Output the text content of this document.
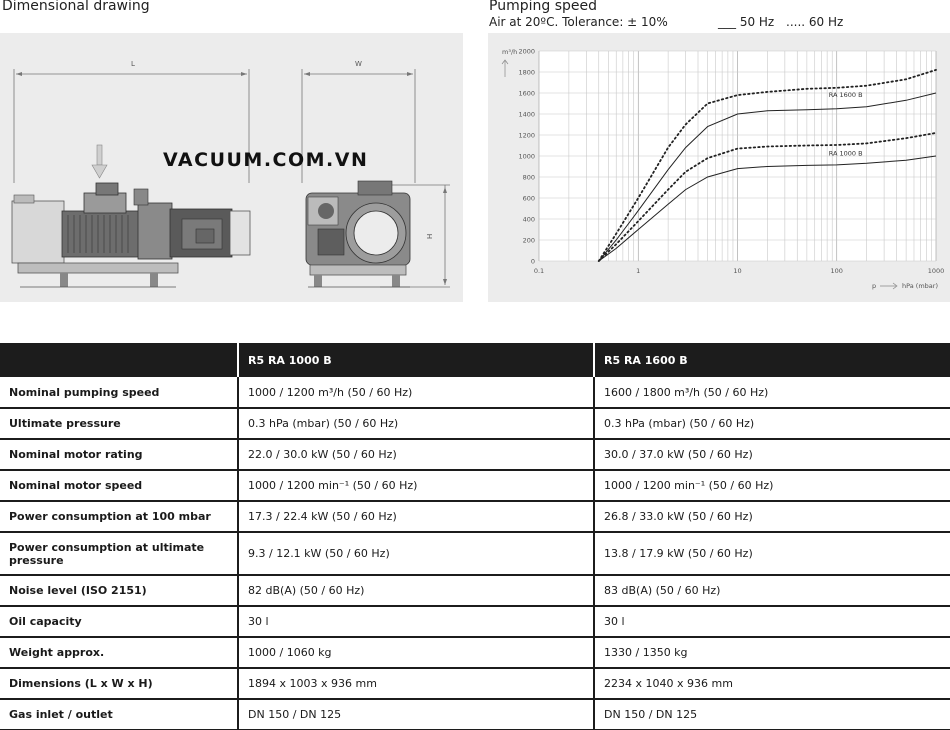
Dimensional drawing	Pumping speed
Air at 20ºC. Tolerance: ± 10%	___ 50 Hz ..... 60 Hz
L	W
H
VACUUM.COM.VN
0
200
400
600
800
1000
1200
1400
1600
1800
2000
0.1	1	10	100	1000
m³/h
p	hPa (mbar)
RA 1600 B
RA 1000 B
	R5 RA 1000 B	R5 RA 1600 B
Nominal pumping speed	1000 / 1200 m³/h (50 / 60 Hz)	1600 / 1800 m³/h (50 / 60 Hz)
Ultimate pressure	0.3 hPa (mbar) (50 / 60 Hz)	0.3 hPa (mbar) (50 / 60 Hz)
Nominal motor rating	22.0 / 30.0 kW (50 / 60 Hz)	30.0 / 37.0 kW (50 / 60 Hz)
Nominal motor speed	1000 / 1200 min⁻¹ (50 / 60 Hz)	1000 / 1200 min⁻¹ (50 / 60 Hz)
Power consumption at 100 mbar	17.3 / 22.4 kW (50 / 60 Hz)	26.8 / 33.0 kW (50 / 60 Hz)
Power consumption at ultimate pressure	9.3 / 12.1 kW (50 / 60 Hz)	13.8 / 17.9 kW (50 / 60 Hz)
Noise level (ISO 2151)	82 dB(A) (50 / 60 Hz)	83 dB(A) (50 / 60 Hz)
Oil capacity	30 l	30 l
Weight approx.	1000 / 1060 kg	1330 / 1350 kg
Dimensions (L x W x H)	1894 x 1003 x 936 mm	2234 x 1040 x 936 mm
Gas inlet / outlet	DN 150 / DN 125	DN 150 / DN 125
